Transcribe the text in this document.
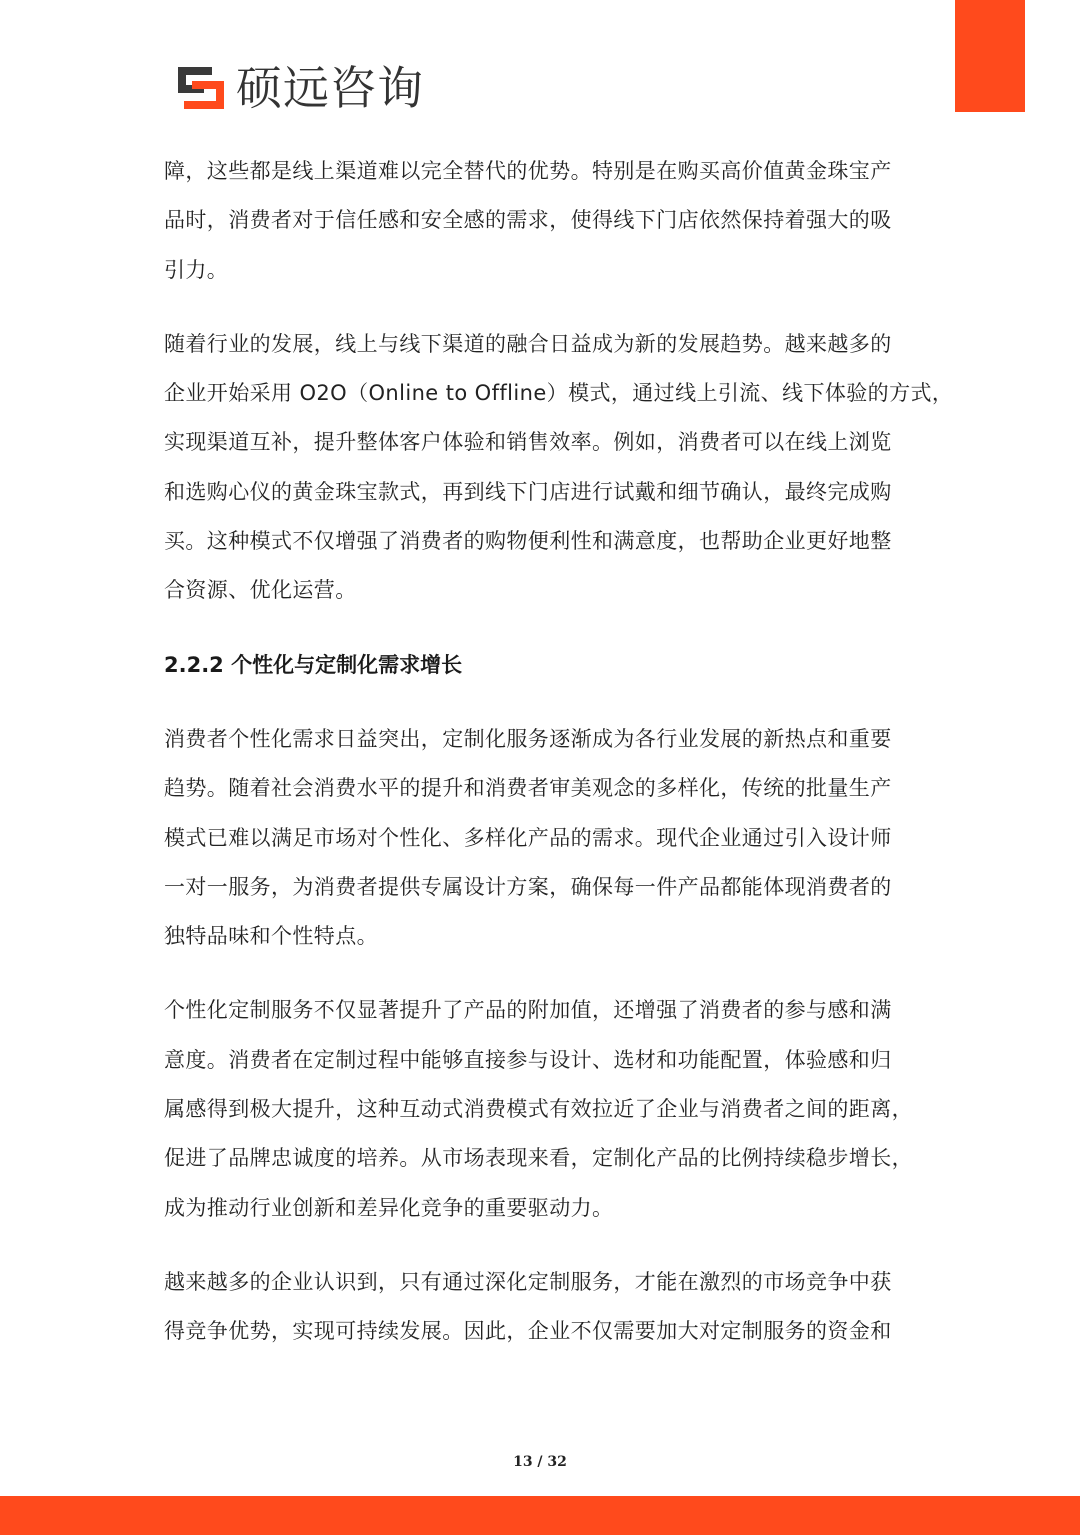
硕远咨询

障，这些都是线上渠道难以完全替代的优势。特别是在购买高价值黄金珠宝产
品时，消费者对于信任感和安全感的需求，使得线下门店依然保持着强大的吸
引力。

随着行业的发展，线上与线下渠道的融合日益成为新的发展趋势。越来越多的
企业开始采用 O2O（Online to Offline）模式，通过线上引流、线下体验的方式，
实现渠道互补，提升整体客户体验和销售效率。例如，消费者可以在线上浏览
和选购心仪的黄金珠宝款式，再到线下门店进行试戴和细节确认，最终完成购
买。这种模式不仅增强了消费者的购物便利性和满意度，也帮助企业更好地整
合资源、优化运营。

2.2.2 个性化与定制化需求增长

消费者个性化需求日益突出，定制化服务逐渐成为各行业发展的新热点和重要
趋势。随着社会消费水平的提升和消费者审美观念的多样化，传统的批量生产
模式已难以满足市场对个性化、多样化产品的需求。现代企业通过引入设计师
一对一服务，为消费者提供专属设计方案，确保每一件产品都能体现消费者的
独特品味和个性特点。

个性化定制服务不仅显著提升了产品的附加值，还增强了消费者的参与感和满
意度。消费者在定制过程中能够直接参与设计、选材和功能配置，体验感和归
属感得到极大提升，这种互动式消费模式有效拉近了企业与消费者之间的距离，
促进了品牌忠诚度的培养。从市场表现来看，定制化产品的比例持续稳步增长，
成为推动行业创新和差异化竞争的重要驱动力。

越来越多的企业认识到，只有通过深化定制服务，才能在激烈的市场竞争中获
得竞争优势，实现可持续发展。因此，企业不仅需要加大对定制服务的资金和

13 / 32
